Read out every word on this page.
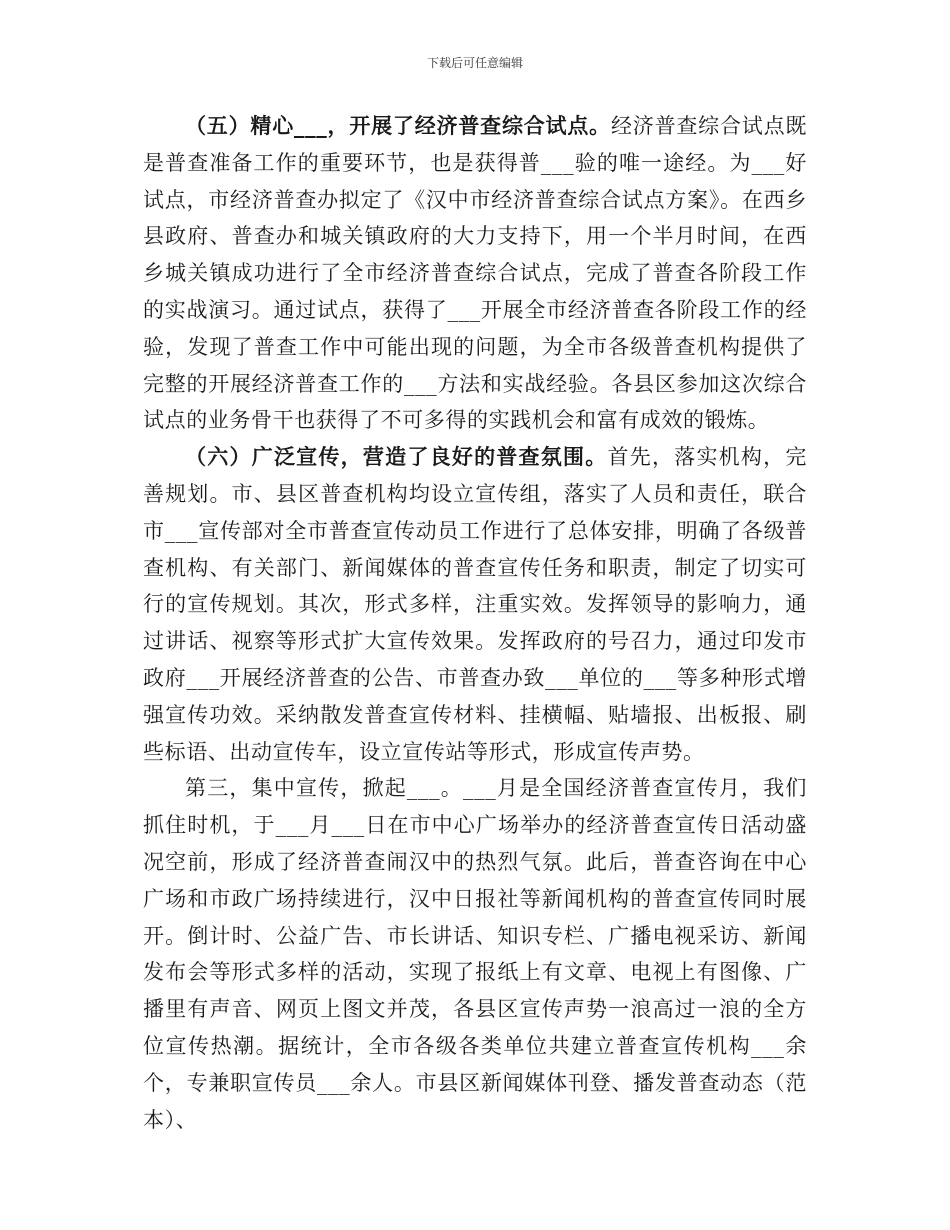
下载后可任意编辑

（五）精心___，开展了经济普查综合试点。经济普查综合试点既是普查准备工作的重要环节，也是获得普___验的唯一途经。为___好试点，市经济普查办拟定了《汉中市经济普查综合试点方案》。在西乡县政府、普查办和城关镇政府的大力支持下，用一个半月时间，在西乡城关镇成功进行了全市经济普查综合试点，完成了普查各阶段工作的实战演习。通过试点，获得了___开展全市经济普查各阶段工作的经验，发现了普查工作中可能出现的问题，为全市各级普查机构提供了完整的开展经济普查工作的___方法和实战经验。各县区参加这次综合试点的业务骨干也获得了不可多得的实践机会和富有成效的锻炼。

（六）广泛宣传，营造了良好的普查氛围。首先，落实机构，完善规划。市、县区普查机构均设立宣传组，落实了人员和责任，联合市___宣传部对全市普查宣传动员工作进行了总体安排，明确了各级普查机构、有关部门、新闻媒体的普查宣传任务和职责，制定了切实可行的宣传规划。其次，形式多样，注重实效。发挥领导的影响力，通过讲话、视察等形式扩大宣传效果。发挥政府的号召力，通过印发市政府___开展经济普查的公告、市普查办致___单位的___等多种形式增强宣传功效。采纳散发普查宣传材料、挂横幅、贴墙报、出板报、刷些标语、出动宣传车，设立宣传站等形式，形成宣传声势。

第三，集中宣传，掀起___。___月是全国经济普查宣传月，我们抓住时机，于___月___日在市中心广场举办的经济普查宣传日活动盛况空前，形成了经济普查闹汉中的热烈气氛。此后，普查咨询在中心广场和市政广场持续进行，汉中日报社等新闻机构的普查宣传同时展开。倒计时、公益广告、市长讲话、知识专栏、广播电视采访、新闻发布会等形式多样的活动，实现了报纸上有文章、电视上有图像、广播里有声音、网页上图文并茂，各县区宣传声势一浪高过一浪的全方位宣传热潮。据统计，全市各级各类单位共建立普查宣传机构___余个，专兼职宣传员___余人。市县区新闻媒体刊登、播发普查动态（范本）、
